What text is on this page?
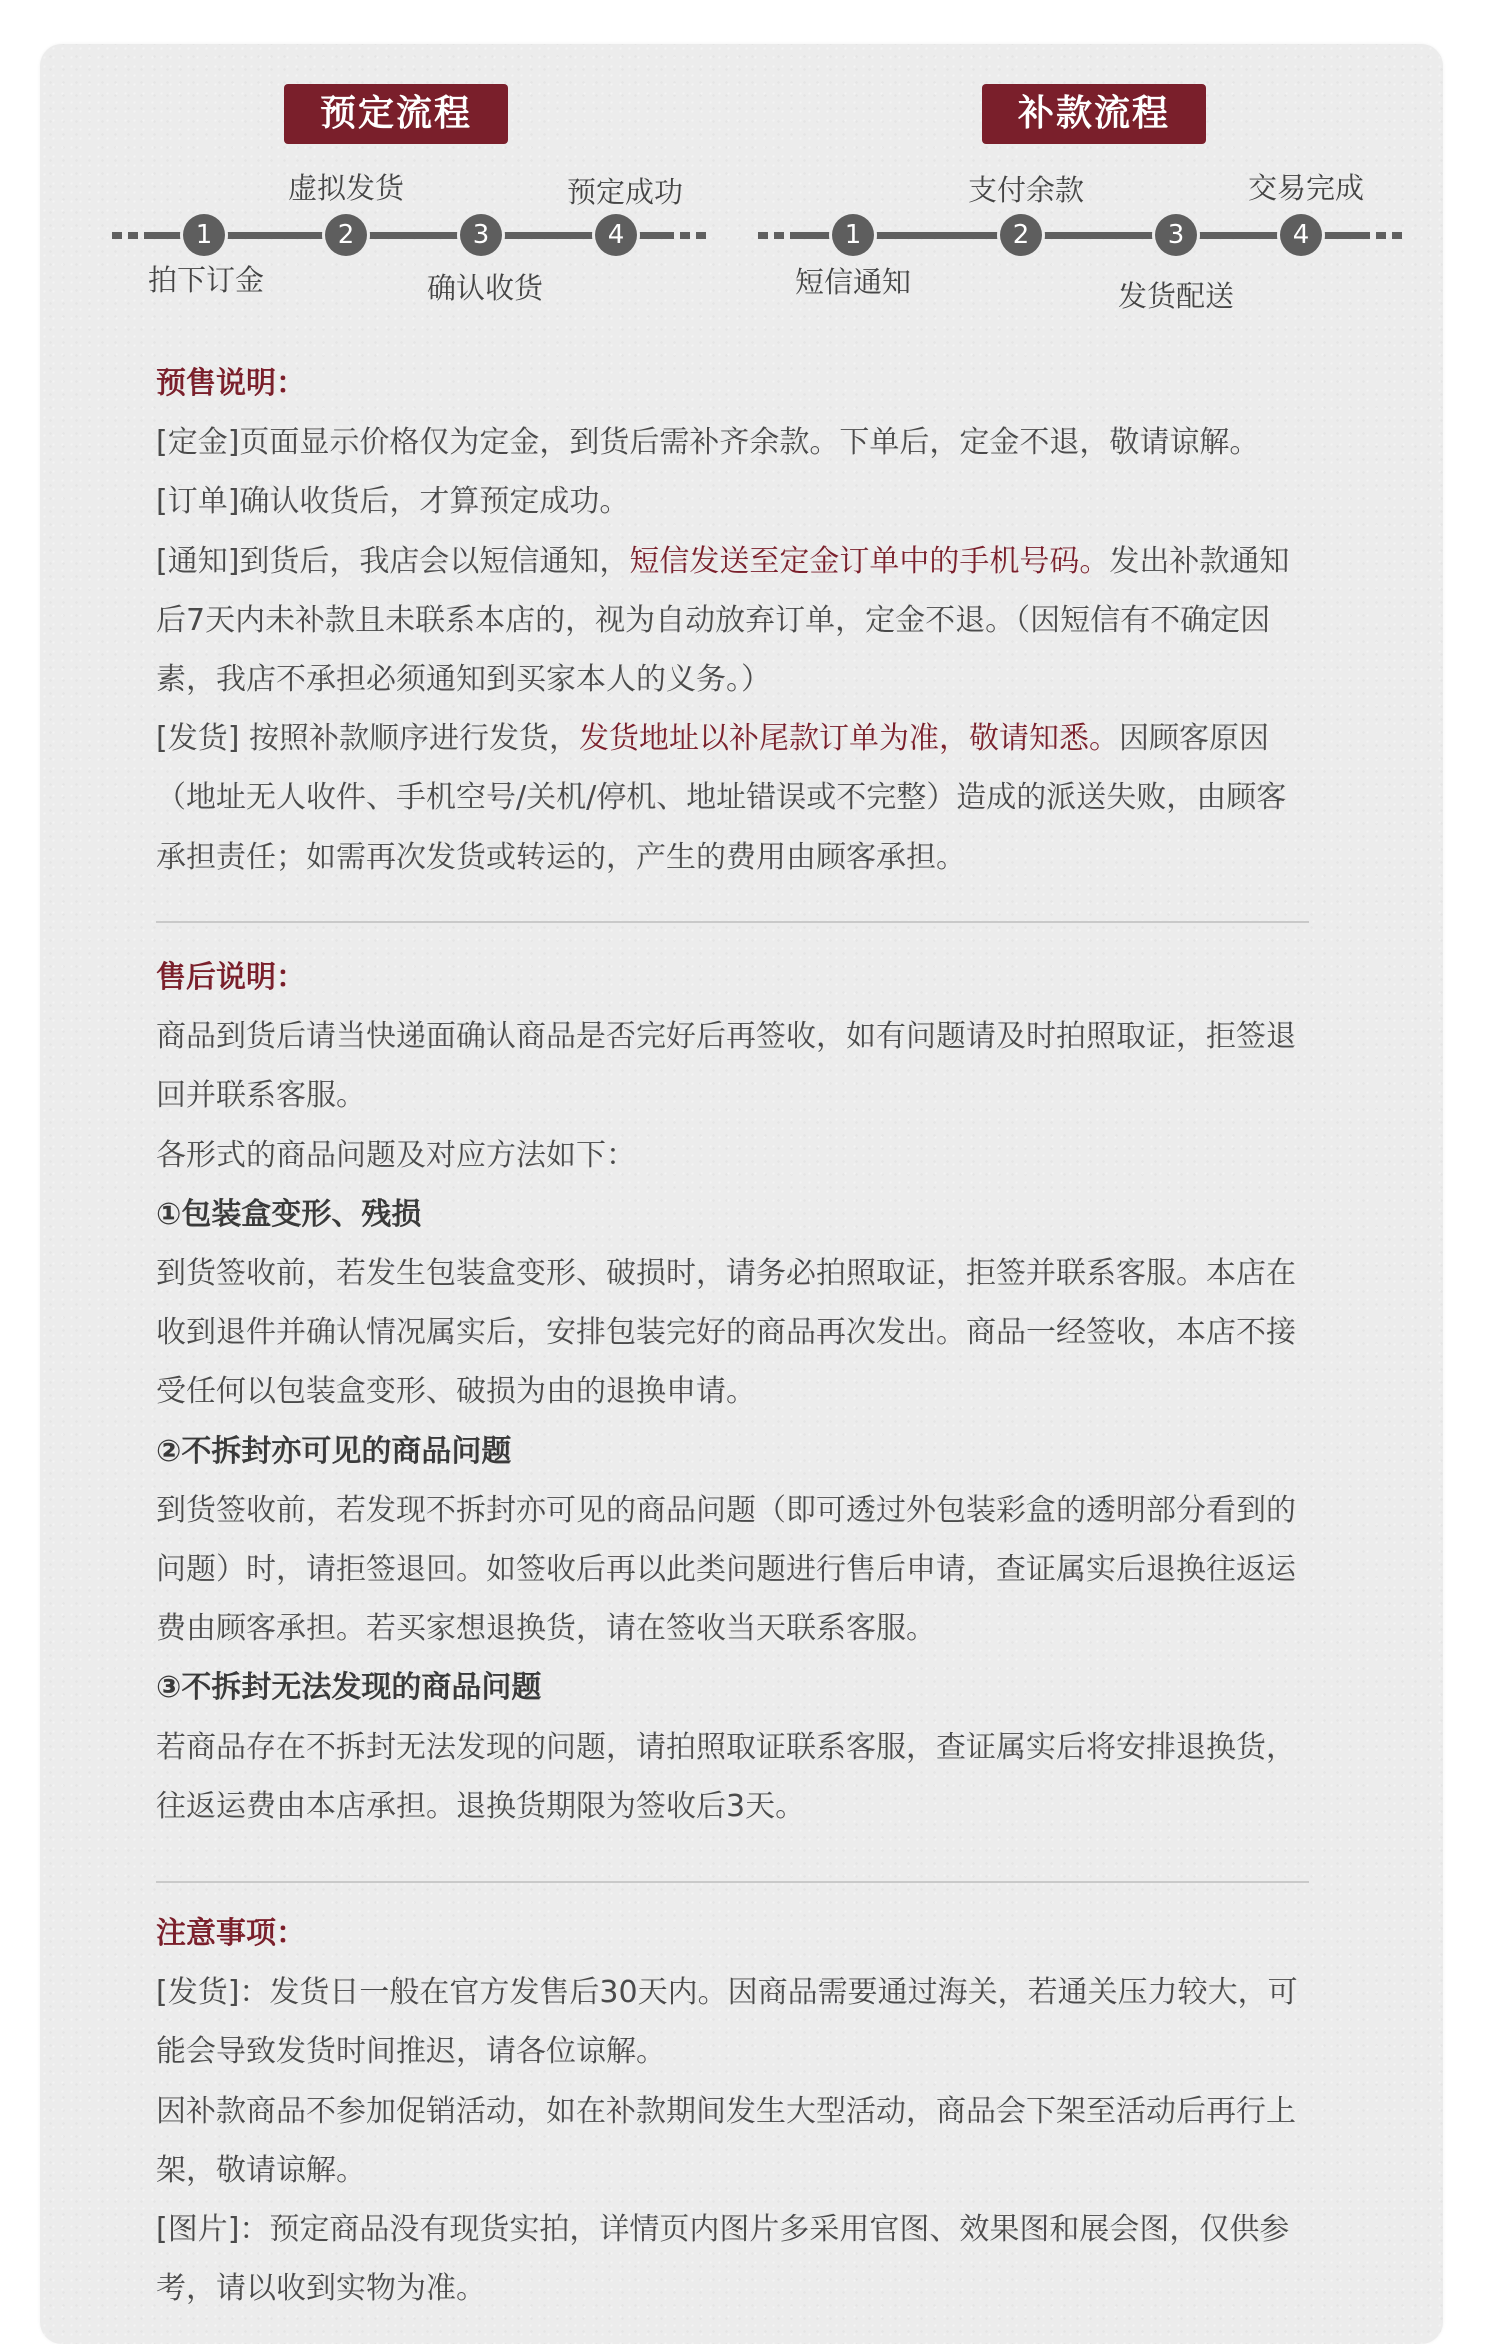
预定流程
1	2	3	4
拍下订金
虚拟发货
确认收货
预定成功
补款流程
1	2	3	4
短信通知
支付余款
发货配送
交易完成

预售说明：

[定金]页面显示价格仅为定金，到货后需补齐余款。下单后，定金不退，敬请谅解。

[订单]确认收货后，才算预定成功。

[通知]到货后，我店会以短信通知，短信发送至定金订单中的手机号码。发出补款通知后7天内未补款且未联系本店的，视为自动放弃订单，定金不退。（因短信有不确定因素，我店不承担必须通知到买家本人的义务。）

[发货] 按照补款顺序进行发货，发货地址以补尾款订单为准，敬请知悉。因顾客原因（地址无人收件、手机空号/关机/停机、地址错误或不完整）造成的派送失败，由顾客承担责任；如需再次发货或转运的，产生的费用由顾客承担。

售后说明：

商品到货后请当快递面确认商品是否完好后再签收，如有问题请及时拍照取证，拒签退回并联系客服。

各形式的商品问题及对应方法如下：

①包装盒变形、残损

到货签收前，若发生包装盒变形、破损时，请务必拍照取证，拒签并联系客服。本店在收到退件并确认情况属实后，安排包装完好的商品再次发出。商品一经签收，本店不接受任何以包装盒变形、破损为由的退换申请。

②不拆封亦可见的商品问题

到货签收前，若发现不拆封亦可见的商品问题（即可透过外包装彩盒的透明部分看到的问题）时，请拒签退回。如签收后再以此类问题进行售后申请，查证属实后退换往返运费由顾客承担。若买家想退换货，请在签收当天联系客服。

③不拆封无法发现的商品问题

若商品存在不拆封无法发现的问题，请拍照取证联系客服，查证属实后将安排退换货，往返运费由本店承担。退换货期限为签收后3天。

注意事项：

[发货]：发货日一般在官方发售后30天内。因商品需要通过海关，若通关压力较大，可能会导致发货时间推迟，请各位谅解。

因补款商品不参加促销活动，如在补款期间发生大型活动，商品会下架至活动后再行上架，敬请谅解。

[图片]：预定商品没有现货实拍，详情页内图片多采用官图、效果图和展会图，仅供参考，请以收到实物为准。
